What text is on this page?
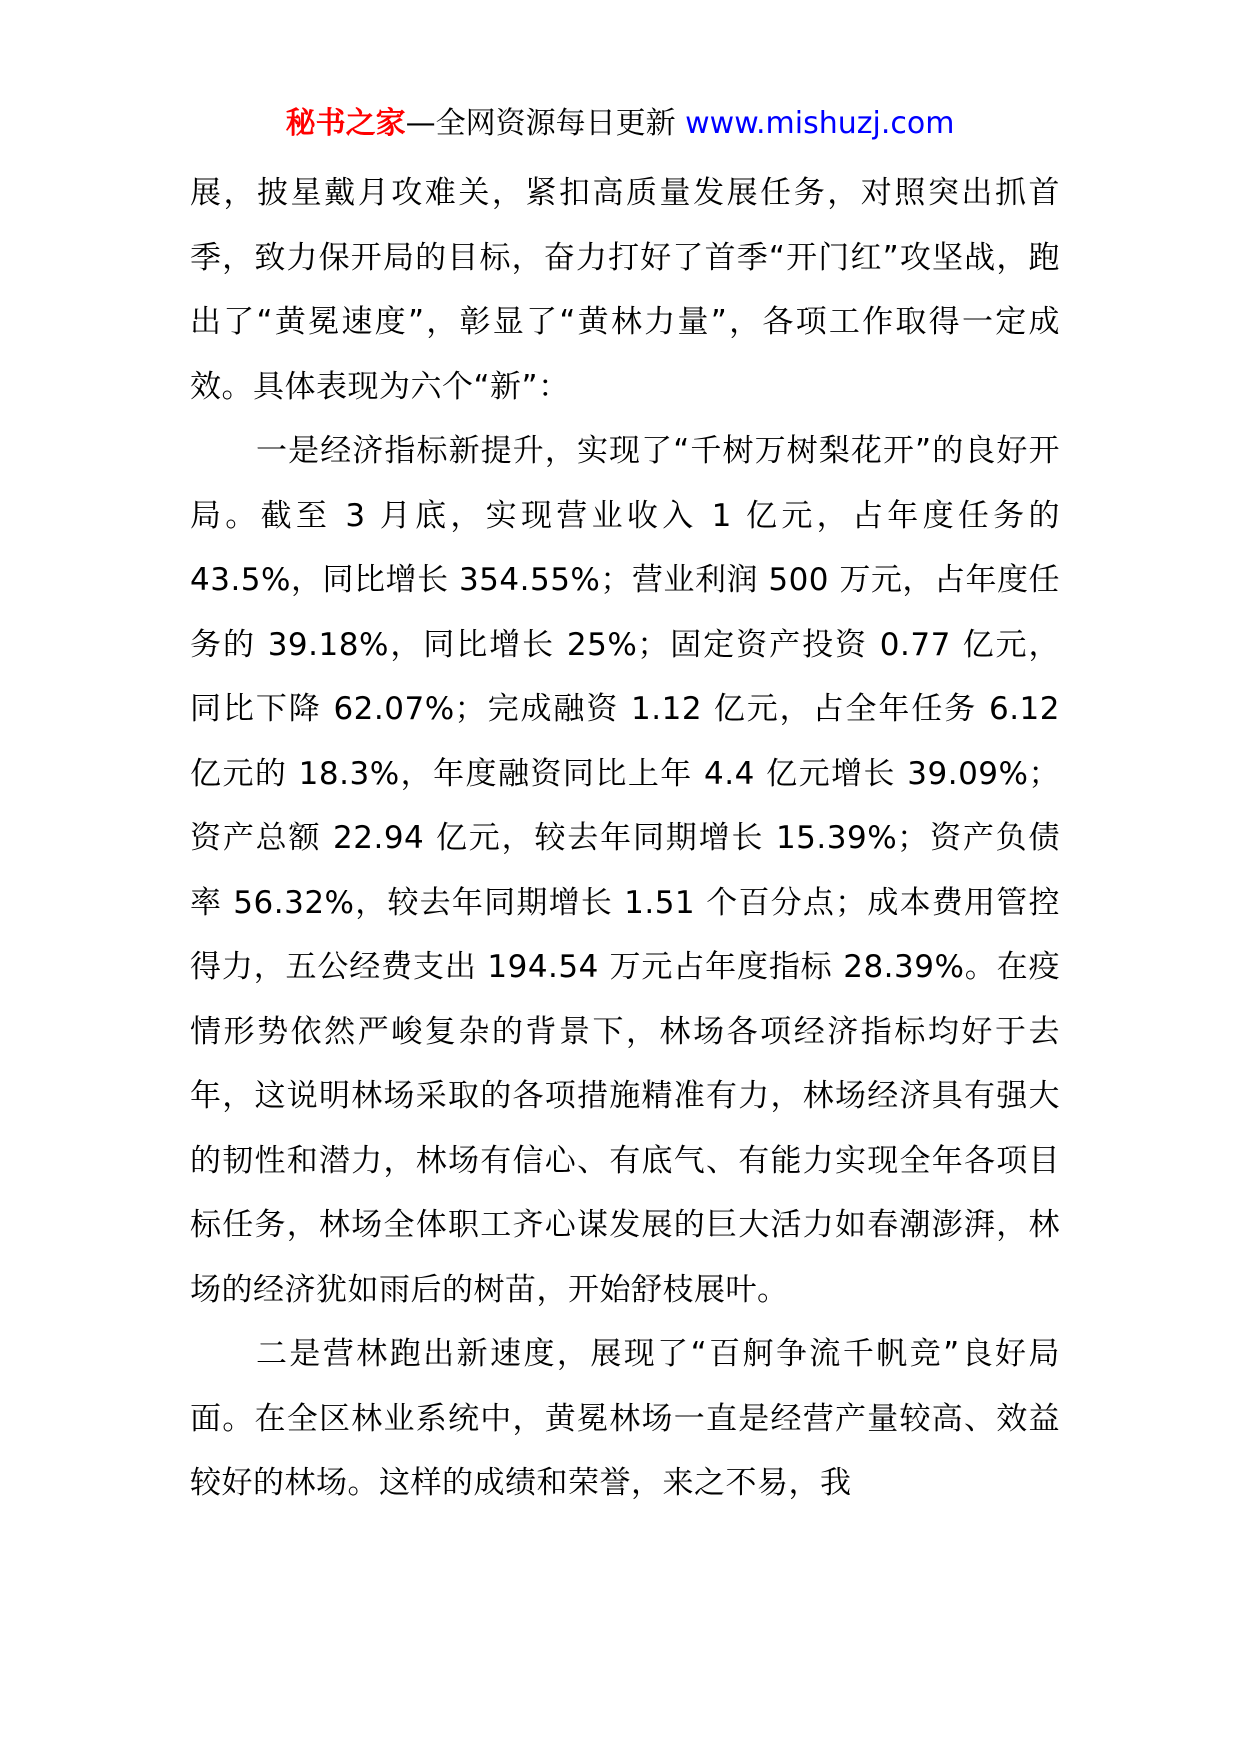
秘书之家—全网资源每日更新 www.mishuzj.com

展，披星戴月攻难关，紧扣高质量发展任务，对照突出抓首季，致力保开局的目标，奋力打好了首季“开门红”攻坚战，跑出了“黄冕速度”，彰显了“黄林力量”，各项工作取得一定成效。具体表现为六个“新”：

一是经济指标新提升，实现了“千树万树梨花开”的良好开局。截至 3 月底，实现营业收入 1 亿元，占年度任务的 43.5%，同比增长 354.55%；营业利润 500 万元，占年度任务的 39.18%，同比增长 25%；固定资产投资 0.77 亿元，同比下降 62.07%；完成融资 1.12 亿元，占全年任务 6.12 亿元的 18.3%，年度融资同比上年 4.4 亿元增长 39.09%；资产总额 22.94 亿元，较去年同期增长 15.39%；资产负债率 56.32%，较去年同期增长 1.51 个百分点；成本费用管控得力，五公经费支出 194.54 万元占年度指标 28.39%。在疫情形势依然严峻复杂的背景下，林场各项经济指标均好于去年，这说明林场采取的各项措施精准有力，林场经济具有强大的韧性和潜力，林场有信心、有底气、有能力实现全年各项目标任务，林场全体职工齐心谋发展的巨大活力如春潮澎湃，林场的经济犹如雨后的树苗，开始舒枝展叶。

二是营林跑出新速度，展现了“百舸争流千帆竞”良好局面。在全区林业系统中，黄冕林场一直是经营产量较高、效益较好的林场。这样的成绩和荣誉，来之不易，我
